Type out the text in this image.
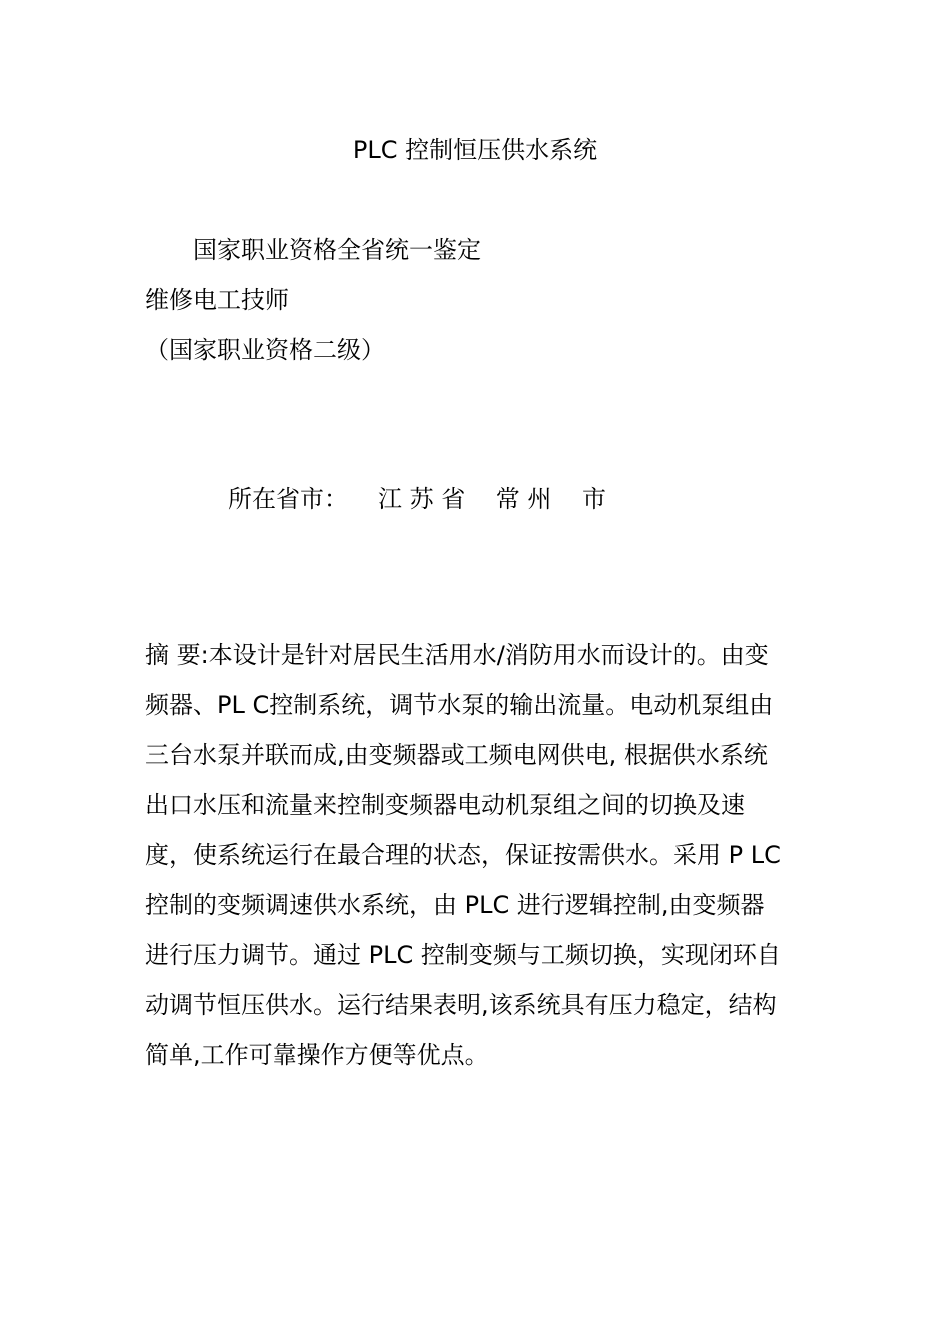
PLC 控制恒压供水系统
国家职业资格全省统一鉴定
维修电工技师
（国家职业资格二级）
所在省市： 江 苏 省 常 州 市
摘 要:本设计是针对居民生活用水/消防用水而设计的。由变
频器、PL C控制系统，调节水泵的输出流量。电动机泵组由
三台水泵并联而成,由变频器或工频电网供电, 根据供水系统
出口水压和流量来控制变频器电动机泵组之间的切换及速
度，使系统运行在最合理的状态，保证按需供水。采用 P LC
控制的变频调速供水系统，由 PLC 进行逻辑控制,由变频器
进行压力调节。通过 PLC 控制变频与工频切换，实现闭环自
动调节恒压供水。运行结果表明,该系统具有压力稳定，结构
简单,工作可靠操作方便等优点。
